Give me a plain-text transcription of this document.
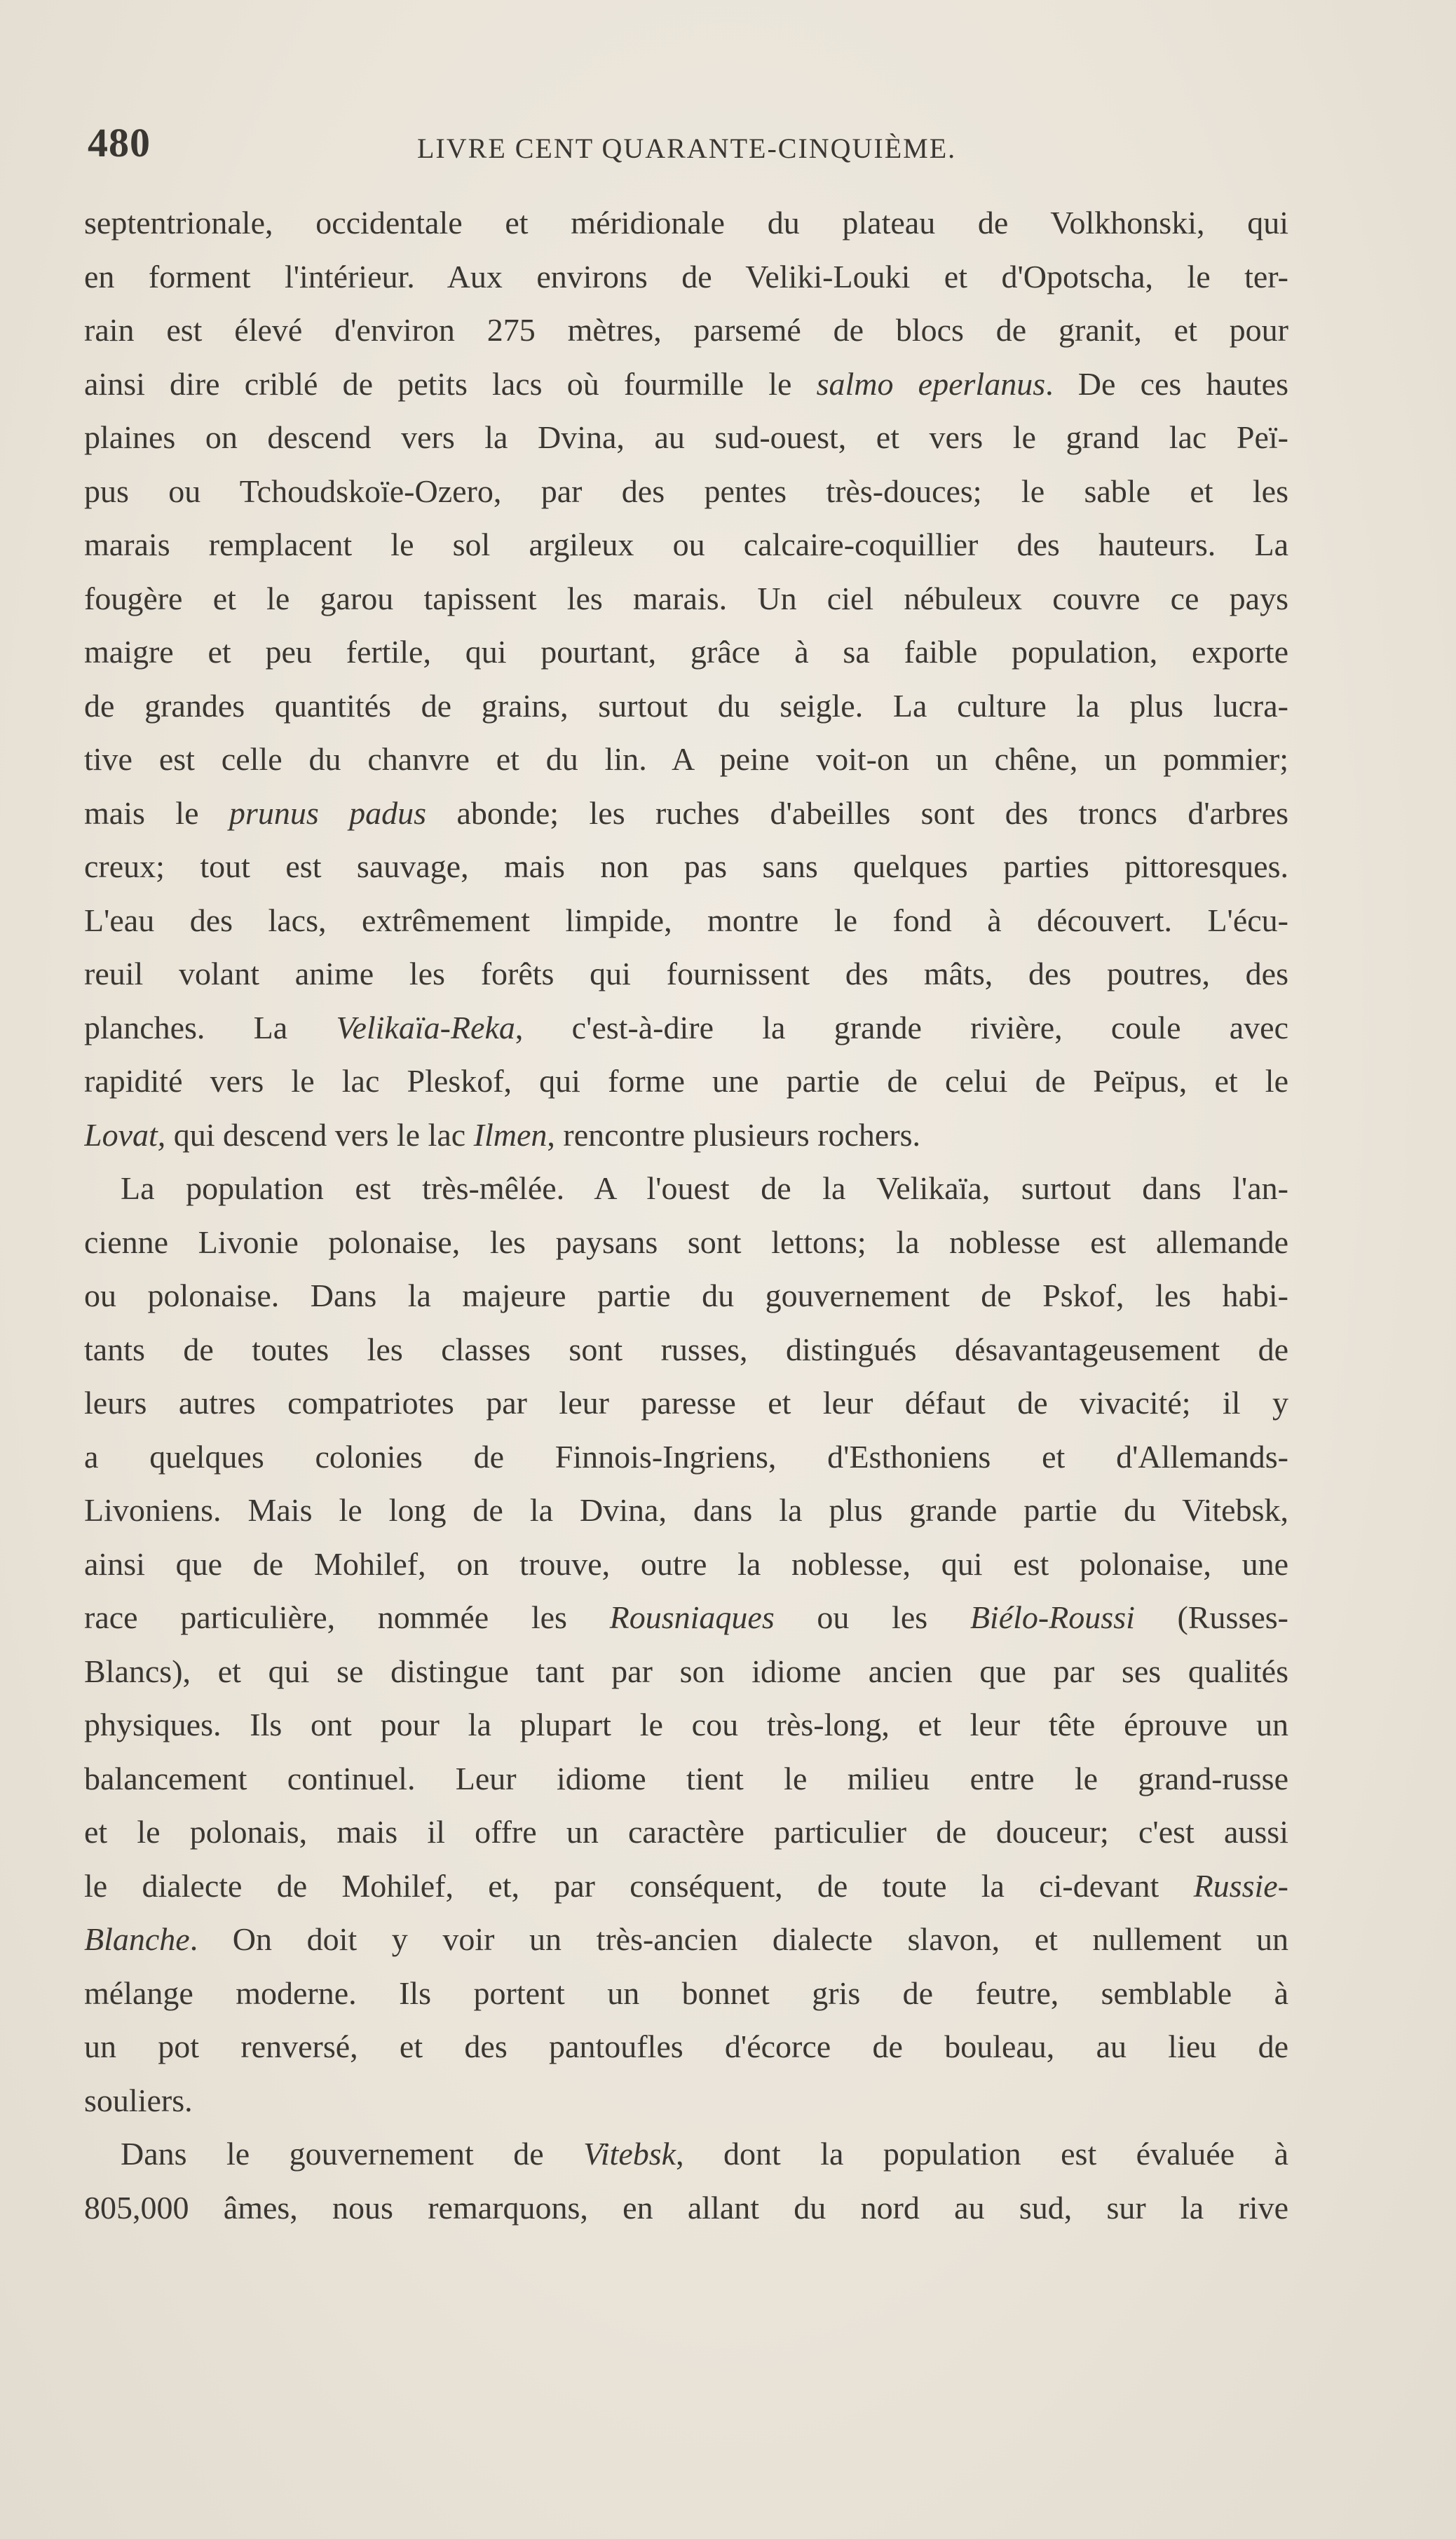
480	LIVRE CENT QUARANTE-CINQUIÈME.
septentrionale, occidentale et méridionale du plateau de Volkhonski, qui
en forment l'intérieur. Aux environs de Veliki-Louki et d'Opotscha, le ter-
rain est élevé d'environ 275 mètres, parsemé de blocs de granit, et pour
ainsi dire criblé de petits lacs où fourmille le salmo eperlanus. De ces hautes
plaines on descend vers la Dvina, au sud-ouest, et vers le grand lac Peï-
pus ou Tchoudskoïe-Ozero, par des pentes très-douces; le sable et les
marais remplacent le sol argileux ou calcaire-coquillier des hauteurs. La
fougère et le garou tapissent les marais. Un ciel nébuleux couvre ce pays
maigre et peu fertile, qui pourtant, grâce à sa faible population, exporte
de grandes quantités de grains, surtout du seigle. La culture la plus lucra-
tive est celle du chanvre et du lin. A peine voit-on un chêne, un pommier;
mais le prunus padus abonde; les ruches d'abeilles sont des troncs d'arbres
creux; tout est sauvage, mais non pas sans quelques parties pittoresques.
L'eau des lacs, extrêmement limpide, montre le fond à découvert. L'écu-
reuil volant anime les forêts qui fournissent des mâts, des poutres, des
planches. La Velikaïa-Reka, c'est-à-dire la grande rivière, coule avec
rapidité vers le lac Pleskof, qui forme une partie de celui de Peïpus, et le
Lovat, qui descend vers le lac Ilmen, rencontre plusieurs rochers.
La population est très-mêlée. A l'ouest de la Velikaïa, surtout dans l'an-
cienne Livonie polonaise, les paysans sont lettons; la noblesse est allemande
ou polonaise. Dans la majeure partie du gouvernement de Pskof, les habi-
tants de toutes les classes sont russes, distingués désavantageusement de
leurs autres compatriotes par leur paresse et leur défaut de vivacité; il y
a quelques colonies de Finnois-Ingriens, d'Esthoniens et d'Allemands-
Livoniens. Mais le long de la Dvina, dans la plus grande partie du Vitebsk,
ainsi que de Mohilef, on trouve, outre la noblesse, qui est polonaise, une
race particulière, nommée les Rousniaques ou les Biélo-Roussi (Russes-
Blancs), et qui se distingue tant par son idiome ancien que par ses qualités
physiques. Ils ont pour la plupart le cou très-long, et leur tête éprouve un
balancement continuel. Leur idiome tient le milieu entre le grand-russe
et le polonais, mais il offre un caractère particulier de douceur; c'est aussi
le dialecte de Mohilef, et, par conséquent, de toute la ci-devant Russie-
Blanche. On doit y voir un très-ancien dialecte slavon, et nullement un
mélange moderne. Ils portent un bonnet gris de feutre, semblable à
un pot renversé, et des pantoufles d'écorce de bouleau, au lieu de
souliers.
Dans le gouvernement de Vitebsk, dont la population est évaluée à
805,000 âmes, nous remarquons, en allant du nord au sud, sur la rive
